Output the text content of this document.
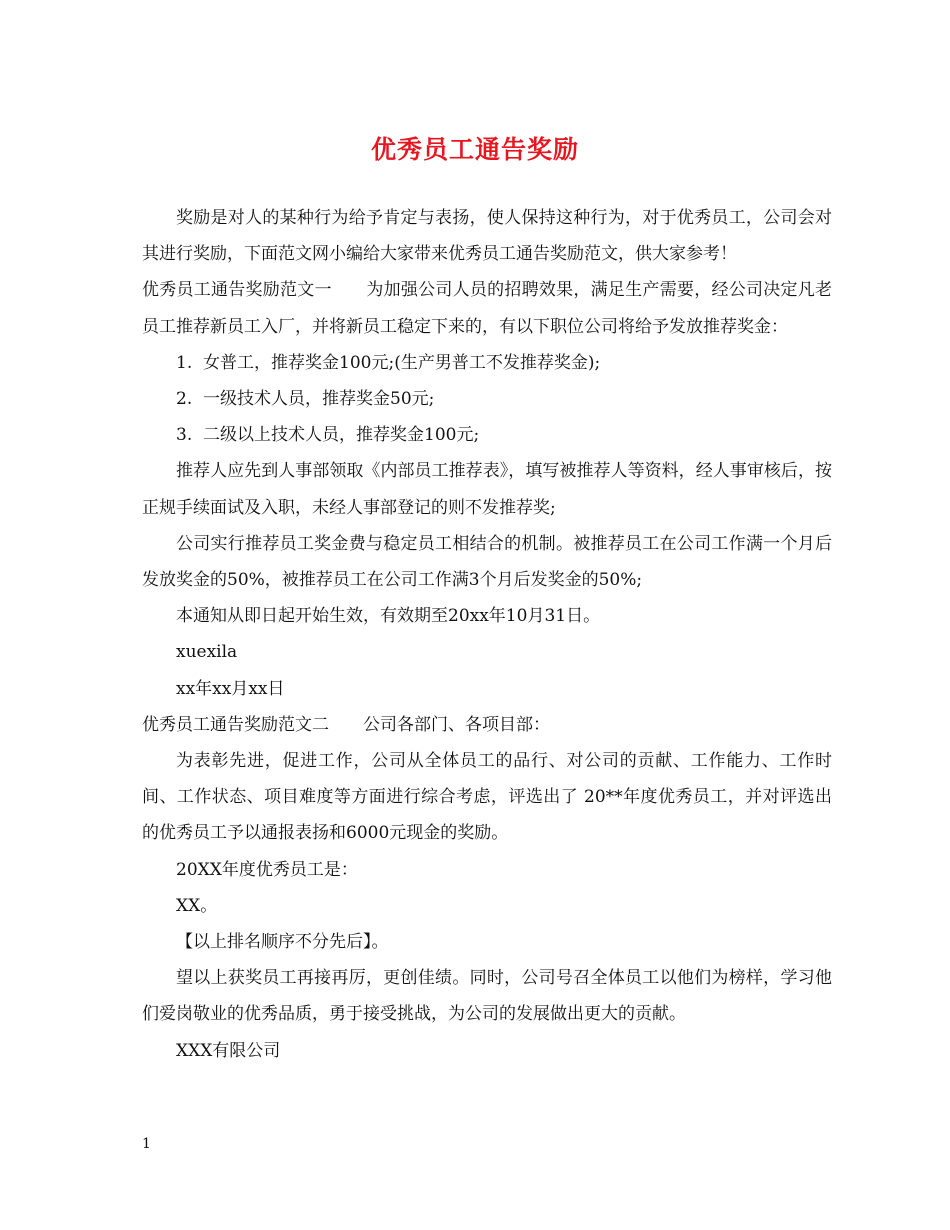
优秀员工通告奖励

奖励是对人的某种行为给予肯定与表扬，使人保持这种行为，对于优秀员工，公司会对其进行奖励，下面范文网小编给大家带来优秀员工通告奖励范文，供大家参考！

优秀员工通告奖励范文一　　为加强公司人员的招聘效果，满足生产需要，经公司决定凡老员工推荐新员工入厂，并将新员工稳定下来的，有以下职位公司将给予发放推荐奖金：

1.  女普工，推荐奖金100元;(生产男普工不发推荐奖金);

2.  一级技术人员，推荐奖金50元;

3.  二级以上技术人员，推荐奖金100元;

推荐人应先到人事部领取《内部员工推荐表》，填写被推荐人等资料，经人事审核后，按正规手续面试及入职，未经人事部登记的则不发推荐奖;

公司实行推荐员工奖金费与稳定员工相结合的机制。被推荐员工在公司工作满一个月后发放奖金的50%，被推荐员工在公司工作满3个月后发奖金的50%;

本通知从即日起开始生效，有效期至20xx年10月31日。

xuexila

xx年xx月xx日

优秀员工通告奖励范文二　　公司各部门、各项目部：

为表彰先进，促进工作，公司从全体员工的品行、对公司的贡献、工作能力、工作时间、工作状态、项目难度等方面进行综合考虑，评选出了 20**年度优秀员工，并对评选出的优秀员工予以通报表扬和6000元现金的奖励。

20XX年度优秀员工是：

XX。

【以上排名顺序不分先后】。

望以上获奖员工再接再厉，更创佳绩。同时，公司号召全体员工以他们为榜样，学习他们爱岗敬业的优秀品质，勇于接受挑战，为公司的发展做出更大的贡献。

XXX有限公司

1
